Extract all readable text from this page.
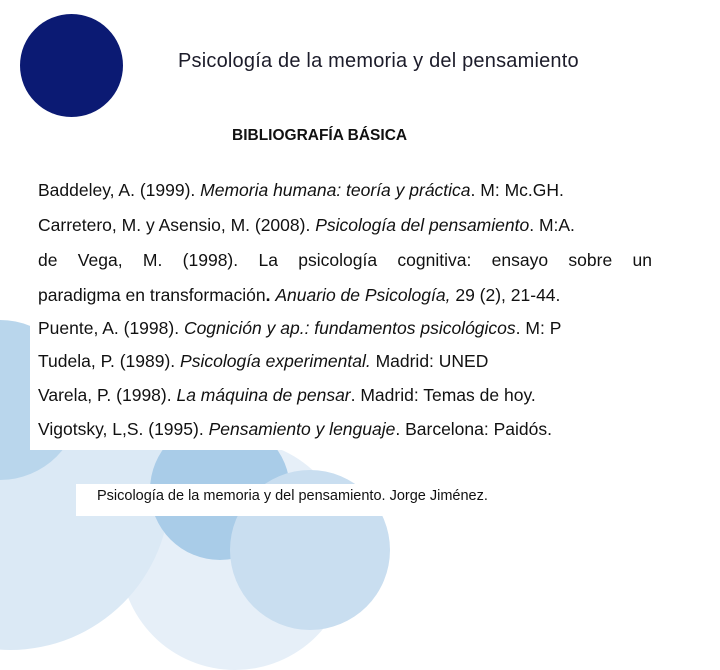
Psicología de la memoria y del pensamiento
BIBLIOGRAFÍA BÁSICA
Baddeley, A. (1999). Memoria humana: teoría y práctica. M: Mc.GH.
Carretero, M. y Asensio, M. (2008). Psicología del pensamiento. M:A.
de Vega, M. (1998). La psicología cognitiva: ensayo sobre un
paradigma en transformación. Anuario de Psicología, 29 (2), 21-44.
Puente, A. (1998). Cognición y ap.: fundamentos psicológicos. M: P
Tudela, P. (1989). Psicología experimental. Madrid: UNED
Varela, P. (1998). La máquina de pensar. Madrid: Temas de hoy.
Vigotsky, L,S. (1995). Pensamiento y lenguaje. Barcelona: Paidós.
Psicología de la memoria y del pensamiento. Jorge Jiménez.
